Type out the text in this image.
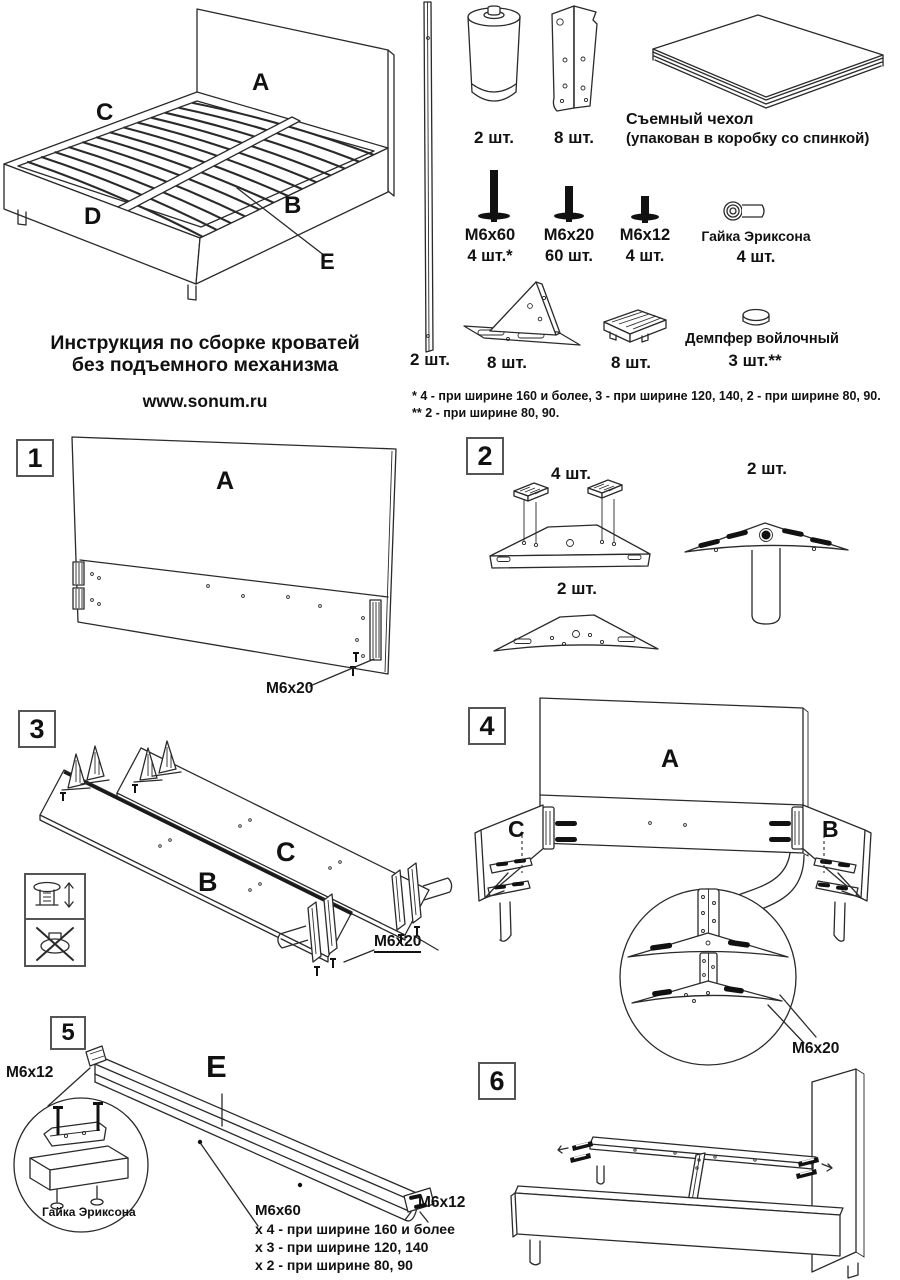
A
C
D	B
E
Инструкция по сборке кроватей
без подъемного механизма
www.sonum.ru
2 шт.
2 шт.	8 шт.
Съемный чехол
(упакован в коробку со спинкой)
M6x60
4 шт.*
M6x20
60 шт.
M6x12
4 шт.
Гайка Эриксона
4 шт.
8 шт.	8 шт.
Демпфер войлочный
3 шт.**
* 4 - при ширине 160 и более, 3 - при ширине 120, 140, 2 - при ширине 80, 90.
** 2 - при ширине 80, 90.
1
A
M6x20
2
4 шт.	2 шт.
2 шт.
3
B
C
M6x20
4
A
C	B
M6x20
5
E
M6x12
M6x12
Гайка Эриксона	M6x60
x 4 - при ширине 160 и более
x 3 - при ширине 120, 140
x 2 - при ширине 80, 90
6
